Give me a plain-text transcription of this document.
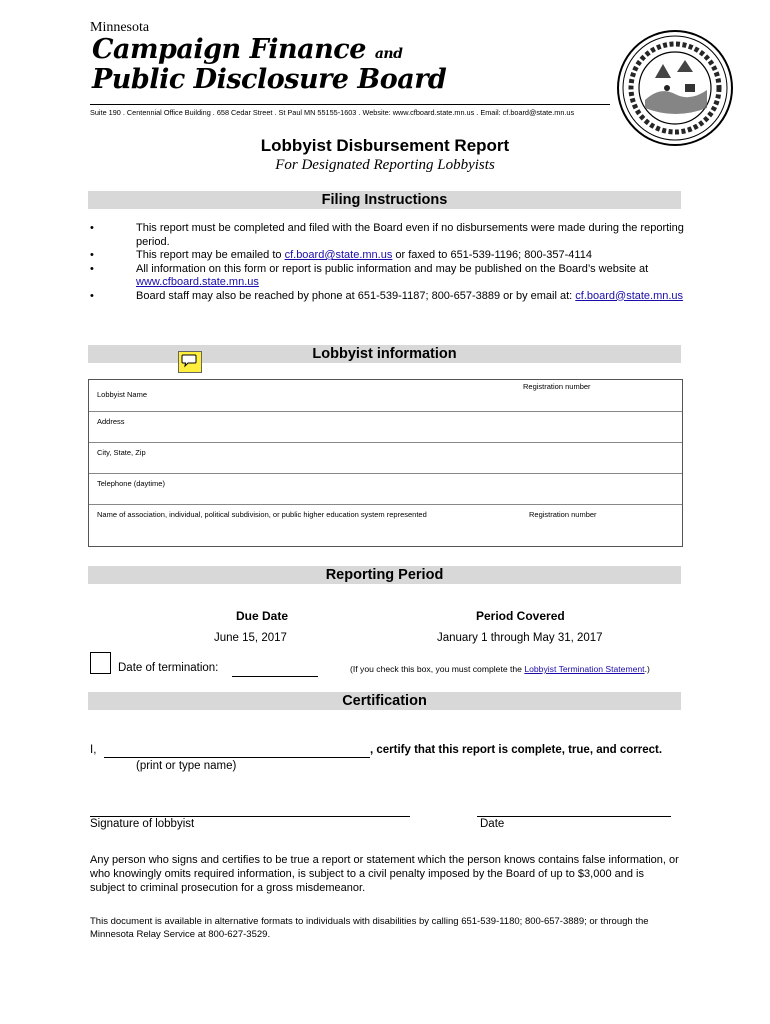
Minnesota
Campaign Finance and
Public Disclosure Board
Suite 190 . Centennial Office Building . 658 Cedar Street . St Paul MN 55155-1603 . Website: www.cfboard.state.mn.us . Email: cf.board@state.mn.us
Lobbyist Disbursement Report
For Designated Reporting Lobbyists
Filing Instructions
•	This report must be completed and filed with the Board even if no disbursements were made during the reporting period.
•	This report may be emailed to cf.board@state.mn.us or faxed to 651-539-1196; 800-357-4114
•	All information on this form or report is public information and may be published on the Board’s website at www.cfboard.state.mn.us
•	Board staff may also be reached by phone at 651-539-1187; 800-657-3889 or by email at: cf.board@state.mn.us
Lobbyist information
Lobbyist Name
Registration number
Address
City, State, Zip
Telephone (daytime)
Name of association, individual, political subdivision, or public higher education system represented	Registration number
Reporting Period
Due Date
June 15, 2017
Period Covered
January 1 through May 31, 2017
Date of termination:	(If you check this box, you must complete the Lobbyist Termination Statement.)
Certification
I,	, certify that this report is complete, true, and correct.
(print or type name)
Signature of lobbyist	Date
Any person who signs and certifies to be true a report or statement which the person knows contains false information, or who knowingly omits required information, is subject to a civil penalty imposed by the Board of up to $3,000 and is subject to criminal prosecution for a gross misdemeanor.
This document is available in alternative formats to individuals with disabilities by calling 651-539-1180; 800-657-3889; or through the Minnesota Relay Service at 800-627-3529.
